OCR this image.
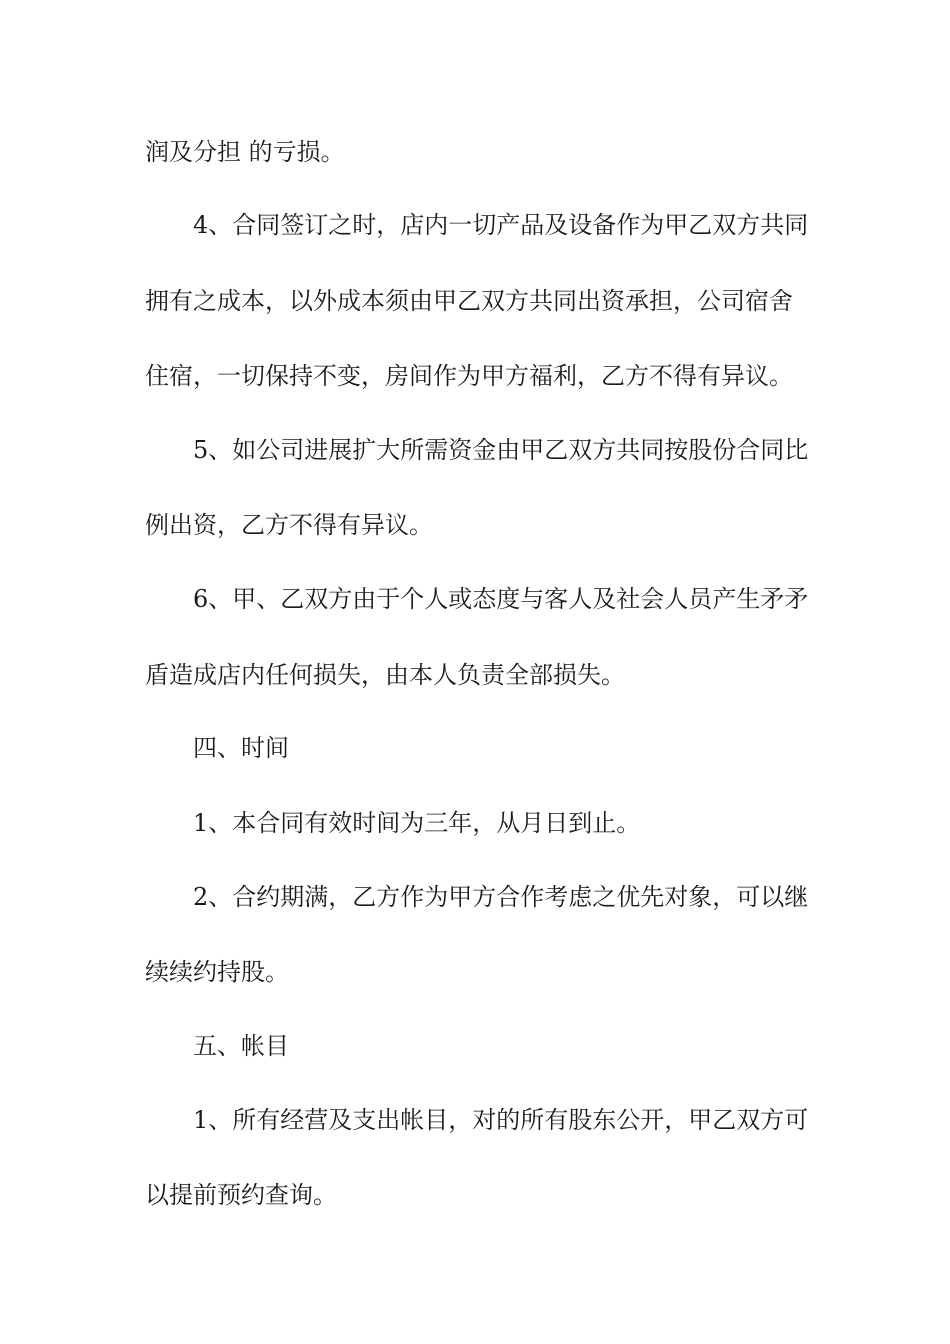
润及分担 的亏损。

4、合同签订之时，店内一切产品及设备作为甲乙双方共同

拥有之成本，以外成本须由甲乙双方共同出资承担，公司宿舍

住宿，一切保持不变，房间作为甲方福利，乙方不得有异议。

5、如公司进展扩大所需资金由甲乙双方共同按股份合同比

例出资，乙方不得有异议。

6、甲、乙双方由于个人或态度与客人及社会人员产生矛矛

盾造成店内任何损失，由本人负责全部损失。

四、时间

1、本合同有效时间为三年，从月日到止。

2、合约期满，乙方作为甲方合作考虑之优先对象，可以继

续续约持股。

五、帐目

1、所有经营及支出帐目，对的所有股东公开，甲乙双方可

以提前预约查询。
